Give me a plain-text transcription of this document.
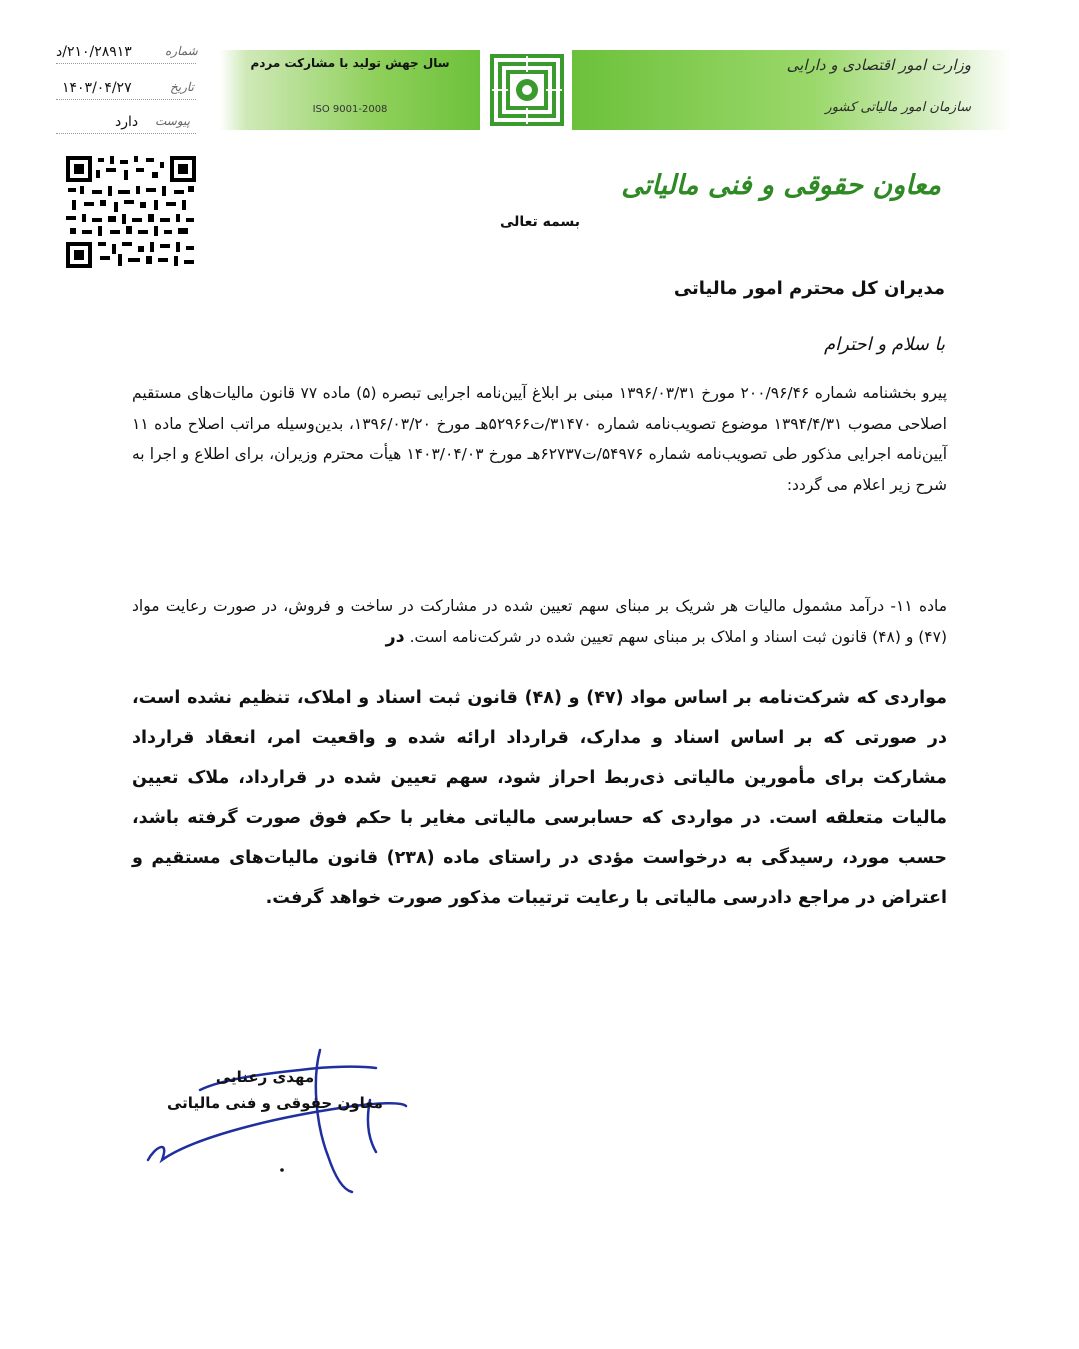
سال جهش تولید با مشارکت مردم
ISO 9001-2008
وزارت امور اقتصادی و دارایی
سازمان امور مالیاتی کشور
شماره
۲۱۰/۲۸۹۱۳/د
تاریخ
۱۴۰۳/۰۴/۲۷
پیوست
دارد
معاون حقوقی و فنی مالیاتی
بسمه تعالی
مدیران کل محترم امور مالیاتی
با سلام و احترام
پیرو بخشنامه شماره ۲۰۰/۹۶/۴۶ مورخ ۱۳۹۶/۰۳/۳۱ مبنی بر ابلاغ آیین‌نامه اجرایی تبصره (۵) ماده ۷۷ قانون مالیات‌های مستقیم اصلاحی مصوب ۱۳۹۴/۴/۳۱ موضوع تصویب‌نامه شماره ۳۱۴۷۰/ت۵۲۹۶۶هـ مورخ ۱۳۹۶/۰۳/۲۰، بدین‌وسیله مراتب اصلاح ماده ۱۱ آیین‌نامه اجرایی مذکور طی تصویب‌نامه شماره ۵۴۹۷۶/ت۶۲۷۳۷هـ مورخ ۱۴۰۳/۰۴/۰۳ هیأت محترم وزیران، برای اطلاع و اجرا به شرح زیر اعلام می گردد:
ماده ۱۱- درآمد مشمول مالیات هر شریک بر مبنای سهم تعیین شده در مشارکت در ساخت و فروش، در صورت رعایت مواد (۴۷) و (۴۸) قانون ثبت اسناد و املاک بر مبنای سهم تعیین شده در شرکت‌نامه است. در
مواردی که شرکت‌نامه بر اساس مواد (۴۷) و (۴۸) قانون ثبت اسناد و املاک، تنظیم نشده است، در صورتی که بر اساس اسناد و مدارک، قرارداد ارائه شده و واقعیت امر، انعقاد قرارداد مشارکت برای مأمورین مالیاتی ذی‌ربط احراز شود، سهم تعیین شده در قرارداد، ملاک تعیین مالیات متعلقه است. در مواردی که حسابرسی مالیاتی مغایر با حکم فوق صورت گرفته باشد، حسب مورد، رسیدگی به درخواست مؤدی در راستای ماده (۲۳۸) قانون مالیات‌های مستقیم و اعتراض در مراجع دادرسی مالیاتی با رعایت ترتیبات مذکور صورت خواهد گرفت.
مهدی رعنایی
معاون حقوقی و فنی مالیاتی
